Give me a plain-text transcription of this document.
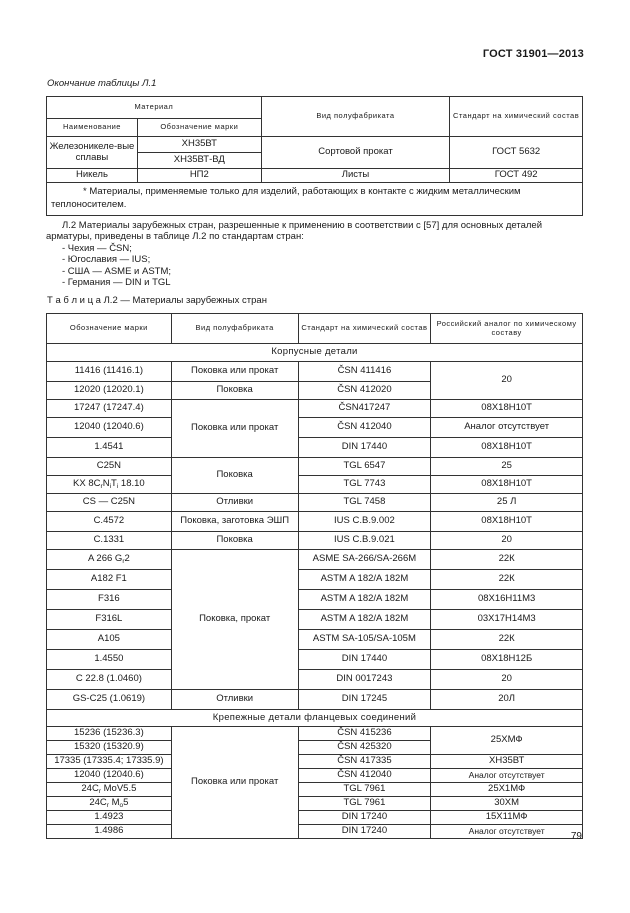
ГОСТ 31901—2013
Окончание таблицы Л.1
Материал		Вид полуфабриката	Стандарт на химический состав
Наименование	Обозначение марки		
Железоникеле-вые сплавы	ХН35ВТ	Сортовой прокат	ГОСТ 5632
	ХН35ВТ-ВД		
Никель	НП2	Листы	ГОСТ 492
* Материалы, применяемые только для изделий, работающих в контакте с жидким металлическим теплоносителем.			

Л.2 Материалы зарубежных стран, разрешенные к применению в соответствии с [57] для основных деталей арматуры, приведены в таблице Л.2 по стандартам стран:

- Чехия — ČSN;

- Югославия — IUS;

- США — ASME и ASTM;

- Германия — DIN и TGL

Т а б л и ц а Л.2 — Материалы зарубежных стран
Обозначение марки	Вид полуфабриката	Стандарт на химический состав	Российский аналог по химическому составу
Корпусные детали			
11416 (11416.1)	Поковка или прокат	ČSN 411416	20
12020 (12020.1)	Поковка	ČSN 412020	
17247 (17247.4)	Поковка или прокат	ČSN417247	08Х18Н10Т
12040 (12040.6)		ČSN 412040	Аналог отсутствует
1.4541		DIN 17440	08Х18Н10Т
C25N	Поковка	TGL 6547	25
KX $8C_rN_iT_i$ 18.10		TGL 7743	08Х18Н10Т
CS — C25N	Отливки	TGL 7458	25 Л
C.4572	Поковка, заготовка ЭШП	IUS C.B.9.002	08Х18Н10Т
C.1331	Поковка	IUS C.B.9.021	20
A 266 $G_r2$	Поковка, прокат	ASME SA-266/SA-266M	22К
A182 F1		ASTM A 182/A 182M	22К
F316		ASTM A 182/A 182M	08Х16Н11М3
F316L		ASTM A 182/A 182M	03Х17Н14М3
A105		ASTM SA-105/SA-105M	22К
1.4550		DIN 17440	08Х18Н12Б
C 22.8 (1.0460)		DIN 0017243	20
GS-C25 (1.0619)	Отливки	DIN 17245	20Л
Крепежные детали фланцевых соединений			
15236 (15236.3)	Поковка или прокат	ČSN 415236	25ХМФ
15320 (15320.9)		ČSN 425320	
17335 (17335.4; 17335.9)		ČSN 417335	ХН35ВТ
12040 (12040.6)		ČSN 412040	Аналог отсутствует
$24C_r$ MoV5.5		TGL 7961	25Х1МФ
$24C_r$ $M_o5$		TGL 7961	30ХМ
1.4923		DIN 17240	15Х11МФ
1.4986		DIN 17240	Аналог отсутствует
79
